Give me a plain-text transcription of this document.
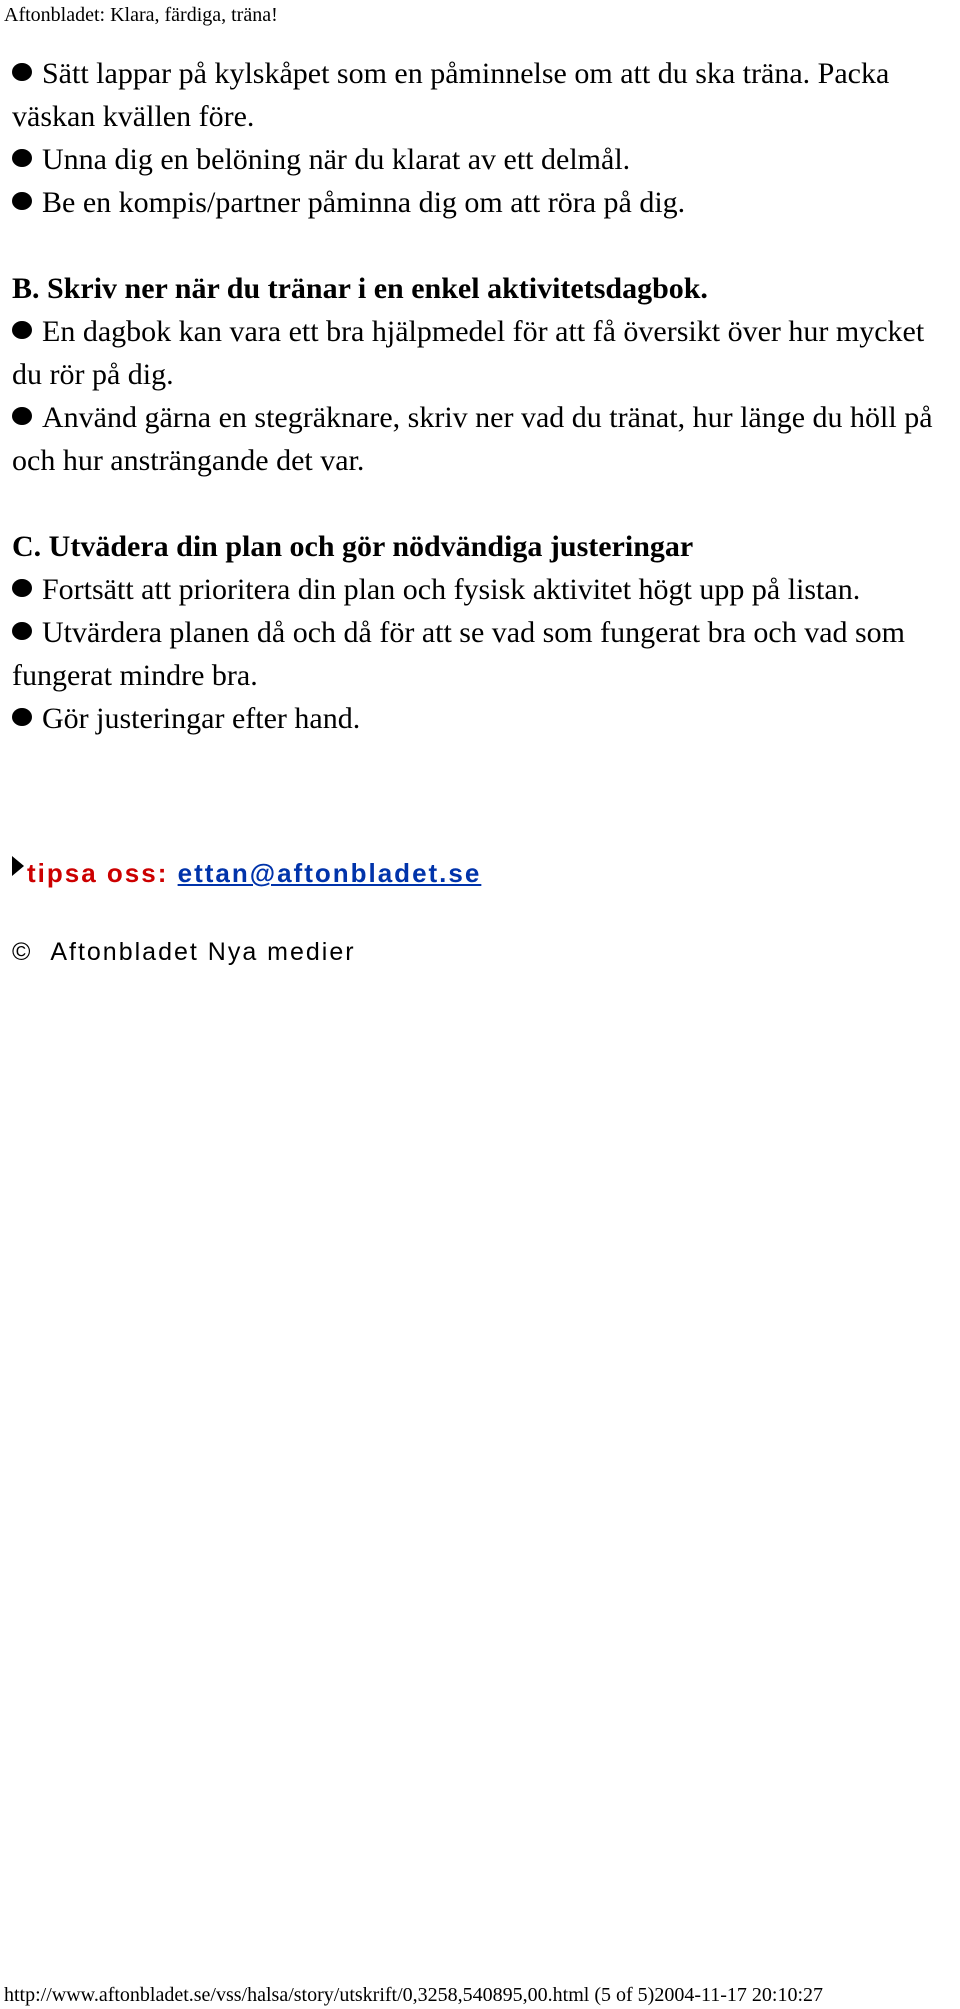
Aftonbladet: Klara, färdiga, träna!

Sätt lappar på kylskåpet som en påminnelse om att du ska träna. Packa väskan kvällen före.

Unna dig en belöning när du klarat av ett delmål.

Be en kompis/partner påminna dig om att röra på dig.

B. Skriv ner när du tränar i en enkel aktivitetsdagbok.

En dagbok kan vara ett bra hjälpmedel för att få översikt över hur mycket du rör på dig.

Använd gärna en stegräknare, skriv ner vad du tränat, hur länge du höll på och hur ansträngande det var.

C. Utvädera din plan och gör nödvändiga justeringar

Fortsätt att prioritera din plan och fysisk aktivitet högt upp på listan.

Utvärdera planen då och då för att se vad som fungerat bra och vad som fungerat mindre bra.

Gör justeringar efter hand.

tipsa oss: ettan@aftonbladet.se
© Aftonbladet Nya medier
http://www.aftonbladet.se/vss/halsa/story/utskrift/0,3258,540895,00.html (5 of 5)2004-11-17 20:10:27
